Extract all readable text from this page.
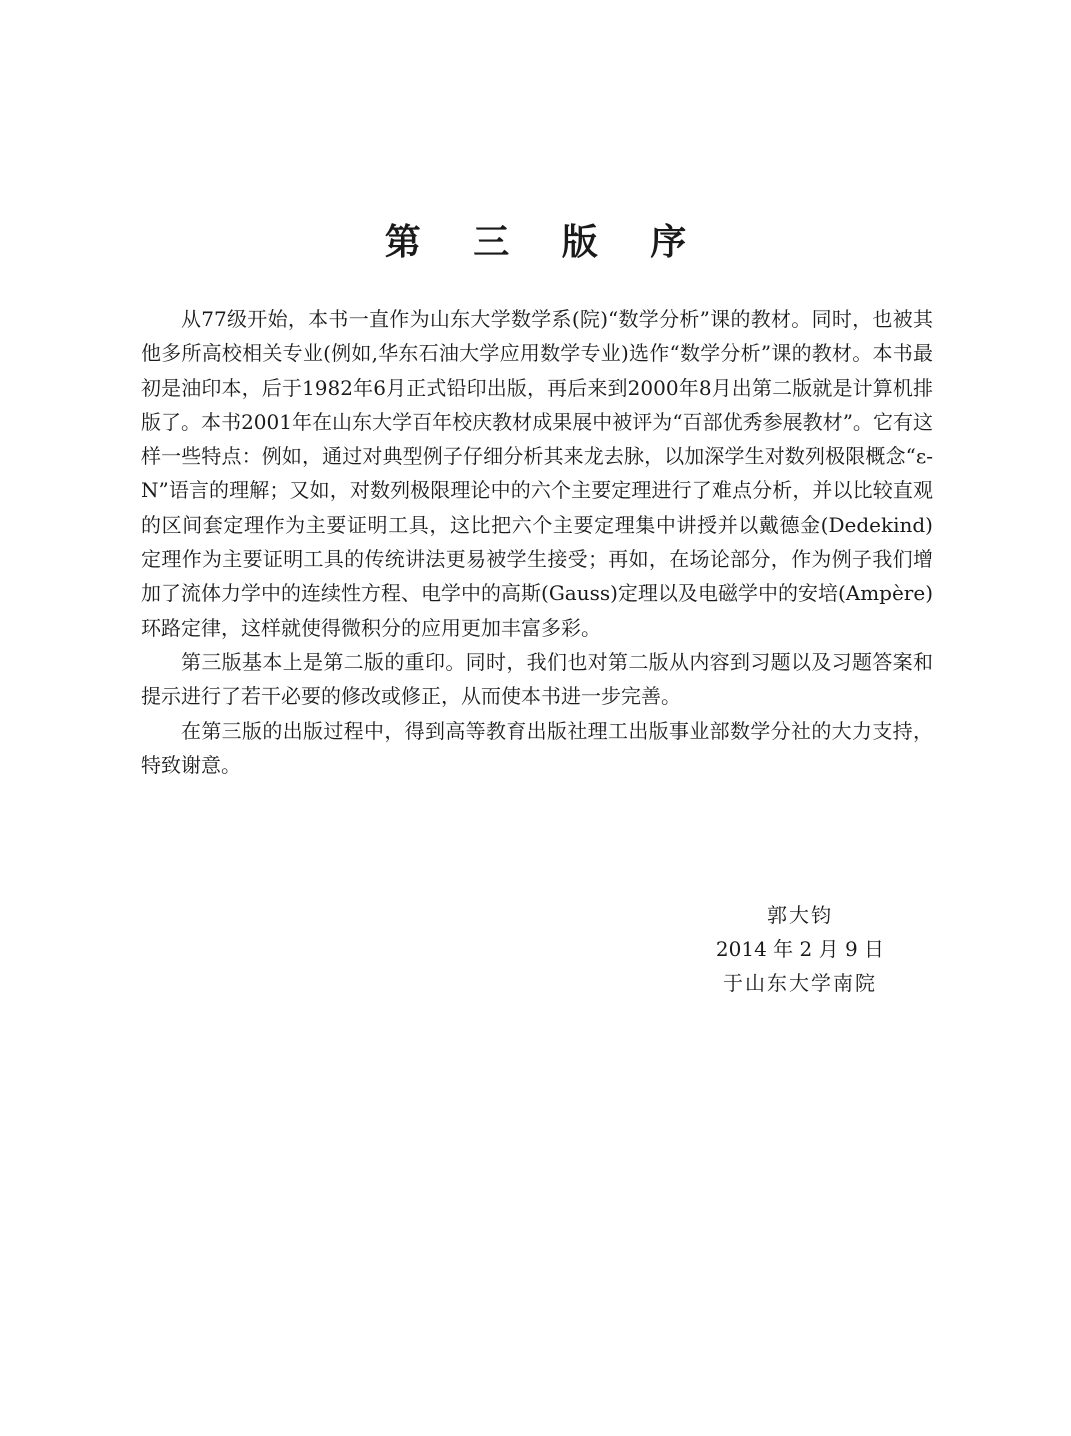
第 三 版 序

从77级开始，本书一直作为山东大学数学系(院)“数学分析”课的教材。同时，也被其他多所高校相关专业(例如,华东石油大学应用数学专业)选作“数学分析”课的教材。本书最初是油印本，后于1982年6月正式铅印出版，再后来到2000年8月出第二版就是计算机排版了。本书2001年在山东大学百年校庆教材成果展中被评为“百部优秀参展教材”。它有这样一些特点：例如，通过对典型例子仔细分析其来龙去脉，以加深学生对数列极限概念“ε-N”语言的理解；又如，对数列极限理论中的六个主要定理进行了难点分析，并以比较直观的区间套定理作为主要证明工具，这比把六个主要定理集中讲授并以戴德金(Dedekind)定理作为主要证明工具的传统讲法更易被学生接受；再如，在场论部分，作为例子我们增加了流体力学中的连续性方程、电学中的高斯(Gauss)定理以及电磁学中的安培(Ampère)环路定律，这样就使得微积分的应用更加丰富多彩。

第三版基本上是第二版的重印。同时，我们也对第二版从内容到习题以及习题答案和提示进行了若干必要的修改或修正，从而使本书进一步完善。

在第三版的出版过程中，得到高等教育出版社理工出版事业部数学分社的大力支持，特致谢意。

郭大钧
2014 年 2 月 9 日
于山东大学南院
